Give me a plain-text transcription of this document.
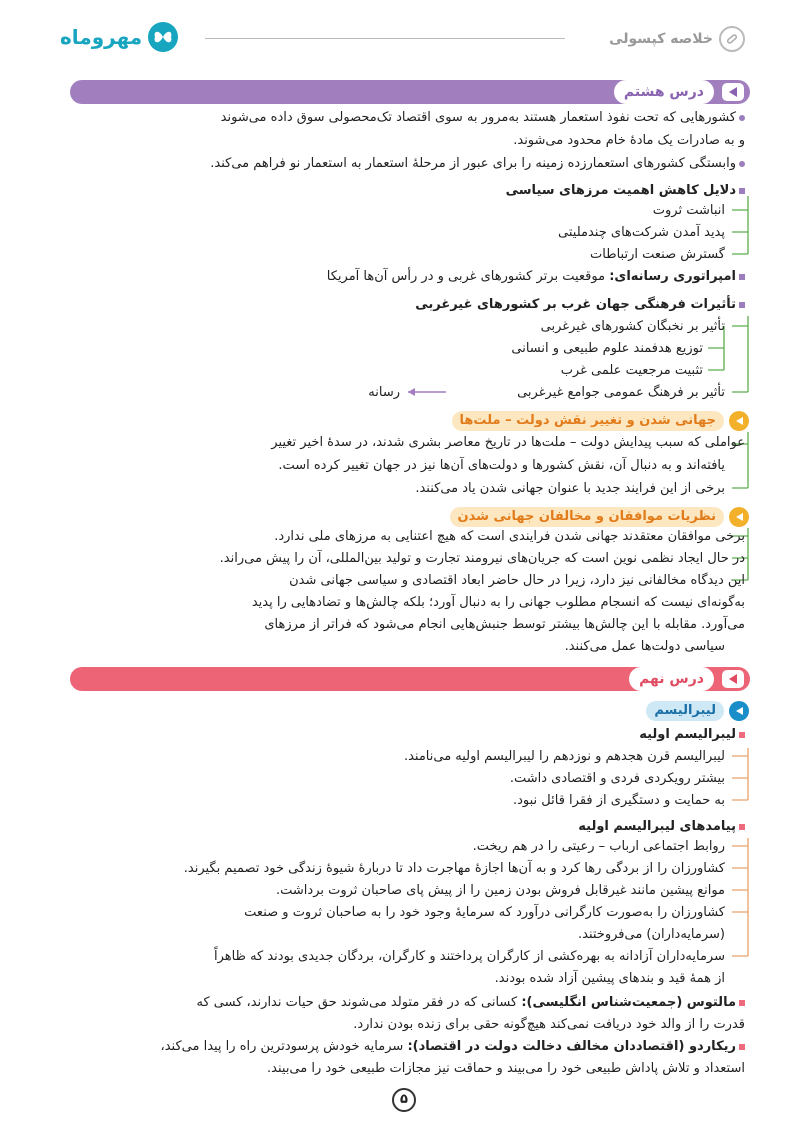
مهروماه	خلاصه کپسولی
درس هشتم
کشورهایی که تحت نفوذ استعمار هستند به‌مرور به سوی اقتصاد تک‌محصولی سوق داده می‌شوند
و به صادرات یک مادهٔ خام محدود می‌شوند.
وابستگی کشورهای استعمارزده زمینه را برای عبور از مرحلهٔ استعمار به استعمار نو فراهم می‌کند.
دلایل کاهش اهمیت مرزهای سیاسی
انباشت ثروت
پدید آمدن شرکت‌های چندملیتی
گسترش صنعت ارتباطات
امپراتوری رسانه‌ای: موقعیت برتر کشورهای غربی و در رأس آن‌ها آمریکا
تأثیرات فرهنگی جهان غرب بر کشورهای غیرغربی
تأثیر بر نخبگان کشورهای غیرغربی
توزیع هدفمند علوم طبیعی و انسانی
تثبیت مرجعیت علمی غرب
تأثیر بر فرهنگ عمومی جوامع غیرغربی
رسانه
جهانی شدن و تغییر نقش دولت – ملت‌ها
عواملی که سبب پیدایش دولت – ملت‌ها در تاریخ معاصر بشری شدند، در سدهٔ اخیر تغییر
یافته‌اند و به دنبال آن، نقش کشورها و دولت‌های آن‌ها نیز در جهان تغییر کرده است.
برخی از این فرایند جدید با عنوان جهانی شدن یاد می‌کنند.
نظریات موافقان و مخالفان جهانی شدن
برخی موافقان معتقدند جهانی شدن فرایندی است که هیچ اعتنایی به مرزهای ملی ندارد.
در حال ایجاد نظمی نوین است که جریان‌های نیرومند تجارت و تولید بین‌المللی، آن را پیش می‌راند.
این دیدگاه مخالفانی نیز دارد، زیرا در حال حاضر ابعاد اقتصادی و سیاسی جهانی شدن
به‌گونه‌ای نیست که انسجام مطلوب جهانی را به دنبال آورد؛ بلکه چالش‌ها و تضادهایی را پدید
می‌آورد. مقابله با این چالش‌ها بیشتر توسط جنبش‌هایی انجام می‌شود که فراتر از مرزهای
سیاسی دولت‌ها عمل می‌کنند.
درس نهم
لیبرالیسم
لیبرالیسم اولیه
لیبرالیسم قرن هجدهم و نوزدهم را لیبرالیسم اولیه می‌نامند.
بیشتر رویکردی فردی و اقتصادی داشت.
به حمایت و دستگیری از فقرا قائل نبود.
پیامدهای لیبرالیسم اولیه
روابط اجتماعی ارباب – رعیتی را در هم ریخت.
کشاورزان را از بردگی رها کرد و به آن‌ها اجازهٔ مهاجرت داد تا دربارهٔ شیوهٔ زندگی خود تصمیم بگیرند.
موانع پیشین مانند غیرقابل فروش بودن زمین را از پیش پای صاحبان ثروت برداشت.
کشاورزان را به‌صورت کارگرانی درآورد که سرمایهٔ وجود خود را به صاحبان ثروت و صنعت
(سرمایه‌داران) می‌فروختند.
سرمایه‌داران آزادانه به بهره‌کشی از کارگران پرداختند و کارگران، بردگان جدیدی بودند که ظاهراً
از همهٔ قید و بندهای پیشین آزاد شده بودند.
مالتوس (جمعیت‌شناس انگلیسی): کسانی که در فقر متولد می‌شوند حق حیات ندارند، کسی که
قدرت را از والد خود دریافت نمی‌کند هیچ‌گونه حقی برای زنده بودن ندارد.
ریکاردو (اقتصاددان مخالف دخالت دولت در اقتصاد): سرمایه خودش پرسودترین راه را پیدا می‌کند،
استعداد و تلاش پاداش طبیعی خود را می‌بیند و حماقت نیز مجازات طبیعی خود را می‌بیند.
۵
